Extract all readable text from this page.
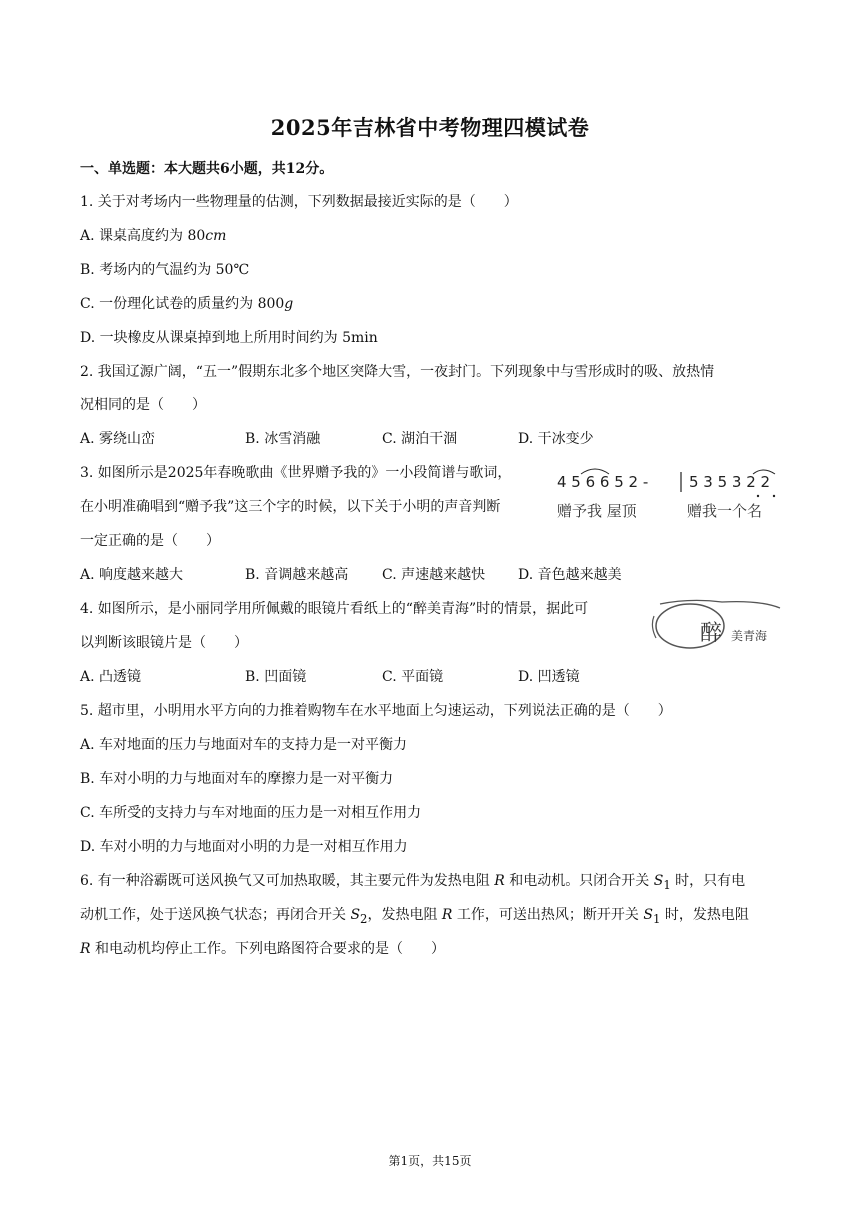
2025年吉林省中考物理四模试卷
一、单选题：本大题共6小题，共12分。
1. 关于对考场内一些物理量的估测，下列数据最接近实际的是（　　）
A. 课桌高度约为 80cm
B. 考场内的气温约为 50℃
C. 一份理化试卷的质量约为 800g
D. 一块橡皮从课桌掉到地上所用时间约为 5min
2. 我国辽源广阔，“五一”假期东北多个地区突降大雪，一夜封门。下列现象中与雪形成时的吸、放热情
况相同的是（　　）
A. 雾绕山峦	B. 冰雪消融	C. 湖泊干涸	D. 干冰变少
3. 如图所示是2025年春晚歌曲《世界赠予我的》一小段简谱与歌词，
在小明准确唱到“赠予我”这三个字的时候，以下关于小明的声音判断
一定正确的是（　　）
A. 响度越来越大	B. 音调越来越高 C. 声速越来越快 D. 音色越来越美
4 5 6 6 5 2 -	5 3 5 3 2 2
赠予我 屋顶	赠我一个名
4. 如图所示，是小丽同学用所佩戴的眼镜片看纸上的“醉美青海”时的情景，据此可
以判断该眼镜片是（　　）
A. 凸透镜	B. 凹面镜	C. 平面镜	D. 凹透镜
醉 美青海
5. 超市里，小明用水平方向的力推着购物车在水平地面上匀速运动，下列说法正确的是（　　）
A. 车对地面的压力与地面对车的支持力是一对平衡力
B. 车对小明的力与地面对车的摩擦力是一对平衡力
C. 车所受的支持力与车对地面的压力是一对相互作用力
D. 车对小明的力与地面对小明的力是一对相互作用力
6. 有一种浴霸既可送风换气又可加热取暖，其主要元件为发热电阻 R 和电动机。只闭合开关 $S_1$ 时，只有电
动机工作，处于送风换气状态；再闭合开关 $S_2$，发热电阻 R 工作，可送出热风；断开开关 $S_1$ 时，发热电阻
R 和电动机均停止工作。下列电路图符合要求的是（　　）
第1页，共15页
